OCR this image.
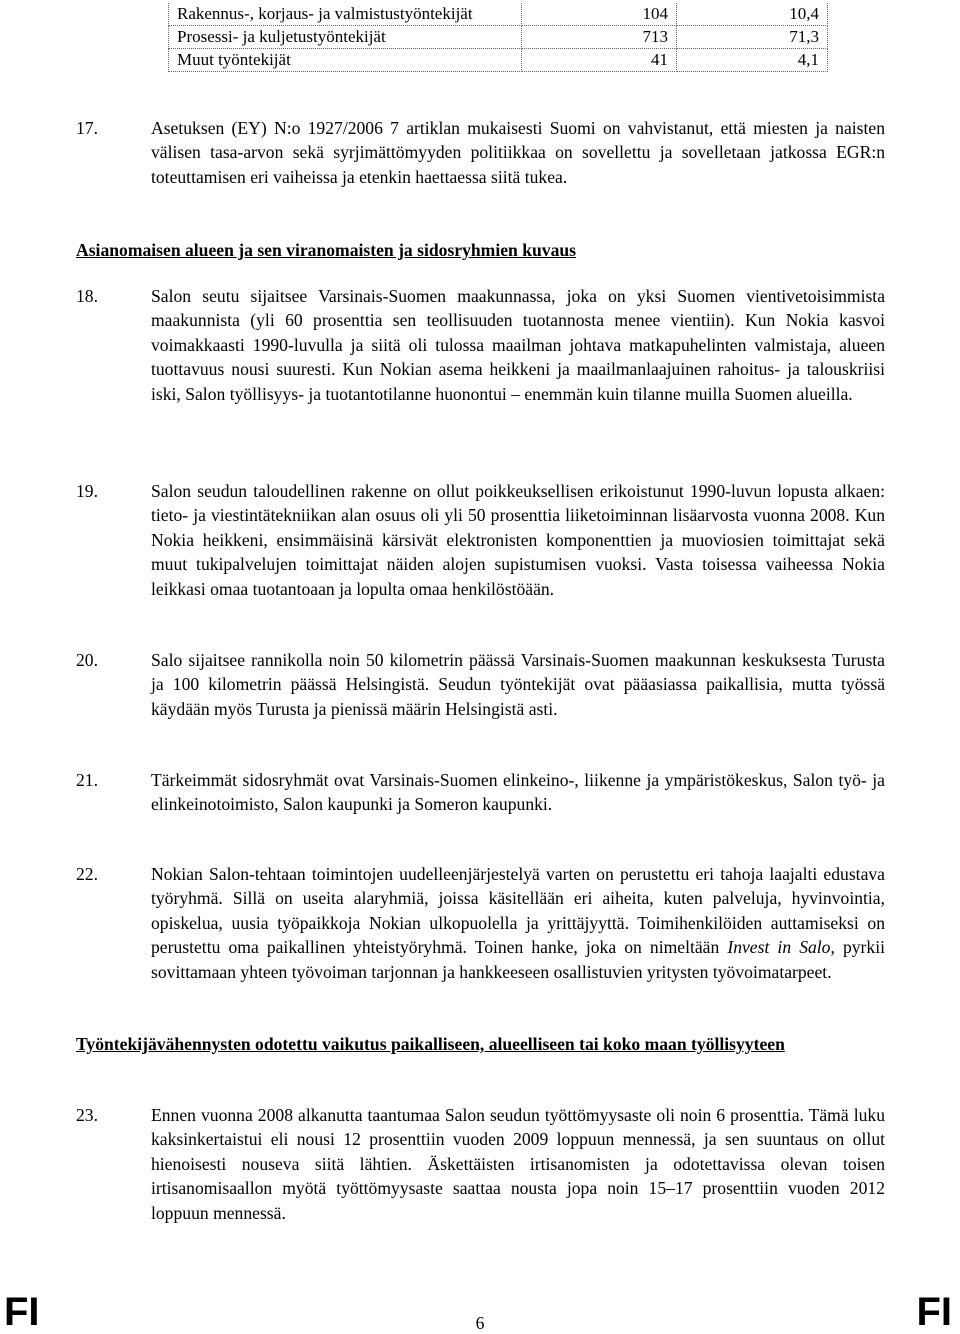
Rakennus-, korjaus- ja valmistustyöntekijät	104	10,4
Prosessi- ja kuljetustyöntekijät	713	71,3
Muut työntekijät	41	4,1
17.	Asetuksen (EY) N:o 1927/2006 7 artiklan mukaisesti Suomi on vahvistanut, että miesten ja naisten välisen tasa-arvon sekä syrjimättömyyden politiikkaa on sovellettu ja sovelletaan jatkossa EGR:n toteuttamisen eri vaiheissa ja etenkin haettaessa siitä tukea.
Asianomaisen alueen ja sen viranomaisten ja sidosryhmien kuvaus
18.	Salon seutu sijaitsee Varsinais-Suomen maakunnassa, joka on yksi Suomen vientivetoisimmista maakunnista (yli 60 prosenttia sen teollisuuden tuotannosta menee vientiin). Kun Nokia kasvoi voimakkaasti 1990-luvulla ja siitä oli tulossa maailman johtava matkapuhelinten valmistaja, alueen tuottavuus nousi suuresti. Kun Nokian asema heikkeni ja maailmanlaajuinen rahoitus- ja talouskriisi iski, Salon työllisyys- ja tuotantotilanne huonontui – enemmän kuin tilanne muilla Suomen alueilla.
19.	Salon seudun taloudellinen rakenne on ollut poikkeuksellisen erikoistunut 1990-luvun lopusta alkaen: tieto- ja viestintätekniikan alan osuus oli yli 50 prosenttia liiketoiminnan lisäarvosta vuonna 2008. Kun Nokia heikkeni, ensimmäisinä kärsivät elektronisten komponenttien ja muoviosien toimittajat sekä muut tukipalvelujen toimittajat näiden alojen supistumisen vuoksi. Vasta toisessa vaiheessa Nokia leikkasi omaa tuotantoaan ja lopulta omaa henkilöstöään.
20.	Salo sijaitsee rannikolla noin 50 kilometrin päässä Varsinais-Suomen maakunnan keskuksesta Turusta ja 100 kilometrin päässä Helsingistä. Seudun työntekijät ovat pääasiassa paikallisia, mutta työssä käydään myös Turusta ja pienissä määrin Helsingistä asti.
21.	Tärkeimmät sidosryhmät ovat Varsinais-Suomen elinkeino-, liikenne ja ympäristökeskus, Salon työ- ja elinkeinotoimisto, Salon kaupunki ja Someron kaupunki.
22.	Nokian Salon-tehtaan toimintojen uudelleenjärjestelyä varten on perustettu eri tahoja laajalti edustava työryhmä. Sillä on useita alaryhmiä, joissa käsitellään eri aiheita, kuten palveluja, hyvinvointia, opiskelua, uusia työpaikkoja Nokian ulkopuolella ja yrittäjyyttä. Toimihenkilöiden auttamiseksi on perustettu oma paikallinen yhteistyöryhmä. Toinen hanke, joka on nimeltään Invest in Salo, pyrkii sovittamaan yhteen työvoiman tarjonnan ja hankkeeseen osallistuvien yritysten työvoimatarpeet.
Työntekijävähennysten odotettu vaikutus paikalliseen, alueelliseen tai koko maan työllisyyteen
23.	Ennen vuonna 2008 alkanutta taantumaa Salon seudun työttömyysaste oli noin 6 prosenttia. Tämä luku kaksinkertaistui eli nousi 12 prosenttiin vuoden 2009 loppuun mennessä, ja sen suuntaus on ollut hienoisesti nouseva siitä lähtien. Äskettäisten irtisanomisten ja odotettavissa olevan toisen irtisanomisaallon myötä työttömyysaste saattaa nousta jopa noin 15–17 prosenttiin vuoden 2012 loppuun mennessä.
FI	6	FI
